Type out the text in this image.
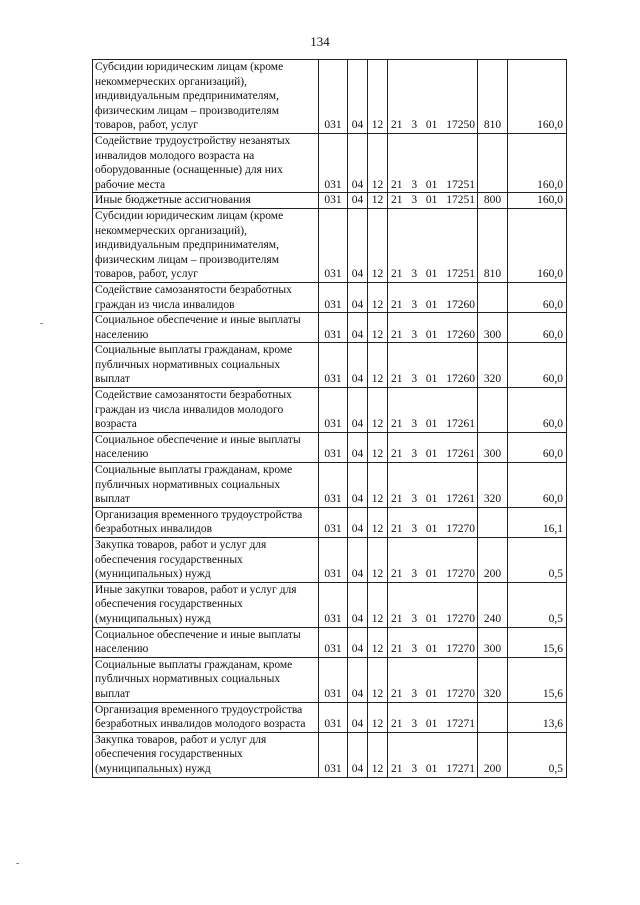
134
-
-
Субсидии юридическим лицам (кроме некоммерческих организаций), индивидуальным предпринимателям, физическим лицам – производителям товаров, работ, услуг	031	04	12	21 3 01 17250	810	160,0
Содействие трудоустройству незанятых инвалидов молодого возраста на оборудованные (оснащенные) для них рабочие места	031	04	12	21 3 01 17251		160,0
Иные бюджетные ассигнования	031	04	12	21 3 01 17251	800	160,0
Субсидии юридическим лицам (кроме некоммерческих организаций), индивидуальным предпринимателям, физическим лицам – производителям товаров, работ, услуг	031	04	12	21 3 01 17251	810	160,0
Содействие самозанятости безработных граждан из числа инвалидов	031	04	12	21 3 01 17260		60,0
Социальное обеспечение и иные выплаты населению	031	04	12	21 3 01 17260	300	60,0
Социальные выплаты гражданам, кроме публичных нормативных социальных выплат	031	04	12	21 3 01 17260	320	60,0
Содействие самозанятости безработных граждан из числа инвалидов молодого возраста	031	04	12	21 3 01 17261		60,0
Социальное обеспечение и иные выплаты населению	031	04	12	21 3 01 17261	300	60,0
Социальные выплаты гражданам, кроме публичных нормативных социальных выплат	031	04	12	21 3 01 17261	320	60,0
Организация временного трудоустройства безработных инвалидов	031	04	12	21 3 01 17270		16,1
Закупка товаров, работ и услуг для обеспечения государственных (муниципальных) нужд	031	04	12	21 3 01 17270	200	0,5
Иные закупки товаров, работ и услуг для обеспечения государственных (муниципальных) нужд	031	04	12	21 3 01 17270	240	0,5
Социальное обеспечение и иные выплаты населению	031	04	12	21 3 01 17270	300	15,6
Социальные выплаты гражданам, кроме публичных нормативных социальных выплат	031	04	12	21 3 01 17270	320	15,6
Организация временного трудоустройства безработных инвалидов молодого возраста	031	04	12	21 3 01 17271		13,6
Закупка товаров, работ и услуг для обеспечения государственных (муниципальных) нужд	031	04	12	21 3 01 17271	200	0,5
